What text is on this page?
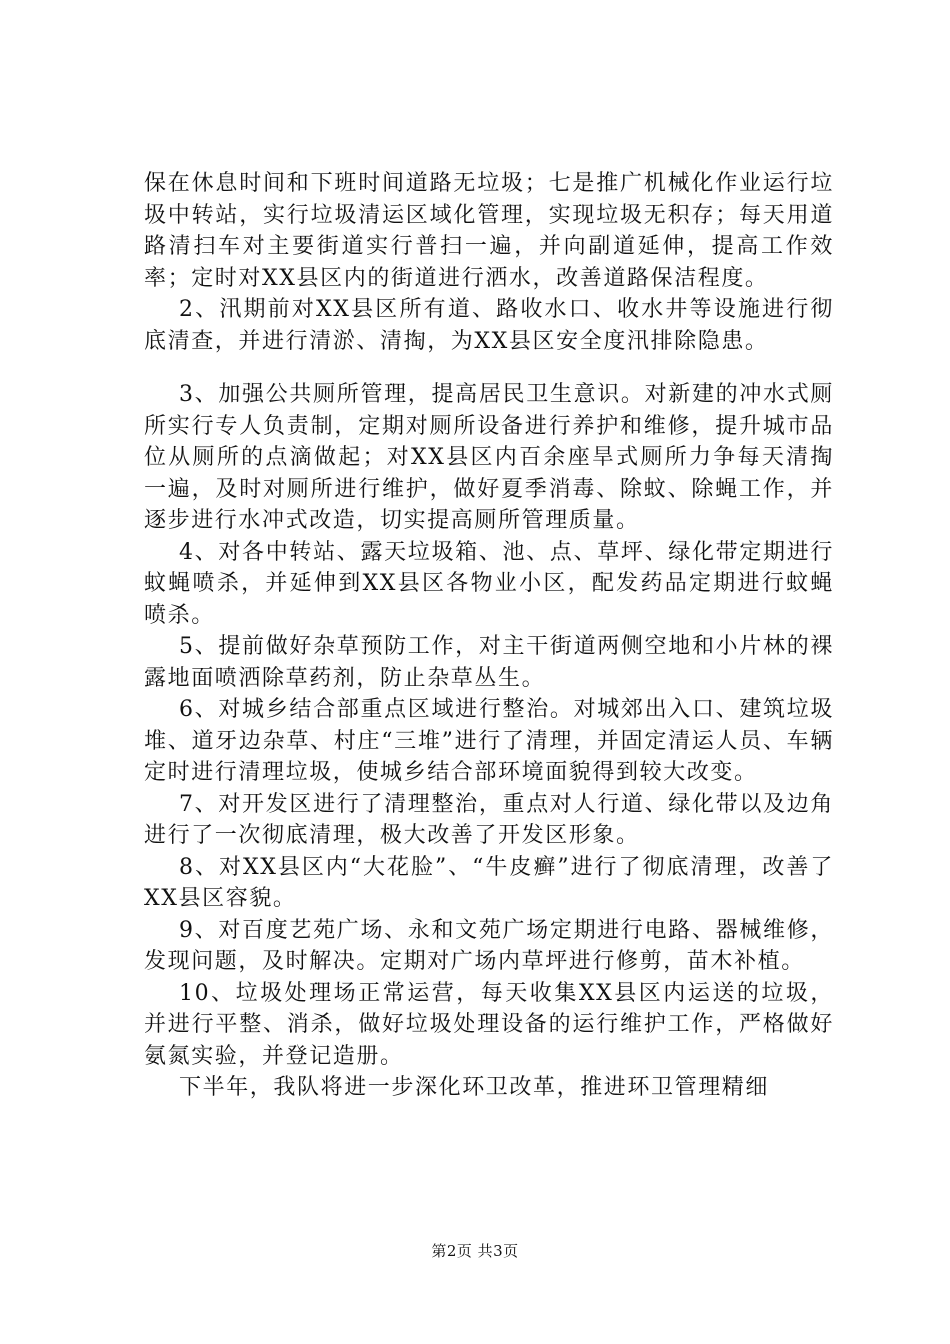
保在休息时间和下班时间道路无垃圾；七是推广机械化作业运行垃圾中转站，实行垃圾清运区域化管理，实现垃圾无积存；每天用道路清扫车对主要街道实行普扫一遍，并向副道延伸，提高工作效率；定时对XX县区内的街道进行洒水，改善道路保洁程度。

2、汛期前对XX县区所有道、路收水口、收水井等设施进行彻底清查，并进行清淤、清掏，为XX县区安全度汛排除隐患。

3、加强公共厕所管理，提高居民卫生意识。对新建的冲水式厕所实行专人负责制，定期对厕所设备进行养护和维修，提升城市品位从厕所的点滴做起；对XX县区内百余座旱式厕所力争每天清掏一遍，及时对厕所进行维护，做好夏季消毒、除蚊、除蝇工作，并逐步进行水冲式改造，切实提高厕所管理质量。

4、对各中转站、露天垃圾箱、池、点、草坪、绿化带定期进行蚊蝇喷杀，并延伸到XX县区各物业小区，配发药品定期进行蚊蝇喷杀。

5、提前做好杂草预防工作，对主干街道两侧空地和小片林的裸露地面喷洒除草药剂，防止杂草丛生。

6、对城乡结合部重点区域进行整治。对城郊出入口、建筑垃圾堆、道牙边杂草、村庄“三堆”进行了清理，并固定清运人员、车辆定时进行清理垃圾，使城乡结合部环境面貌得到较大改变。

7、对开发区进行了清理整治，重点对人行道、绿化带以及边角进行了一次彻底清理，极大改善了开发区形象。

8、对XX县区内“大花脸”、“牛皮癣”进行了彻底清理，改善了XX县区容貌。

9、对百度艺苑广场、永和文苑广场定期进行电路、器械维修，发现问题，及时解决。定期对广场内草坪进行修剪，苗木补植。

10、垃圾处理场正常运营，每天收集XX县区内运送的垃圾，并进行平整、消杀，做好垃圾处理设备的运行维护工作，严格做好氨氮实验，并登记造册。

下半年，我队将进一步深化环卫改革，推进环卫管理精细

第2页 共3页
